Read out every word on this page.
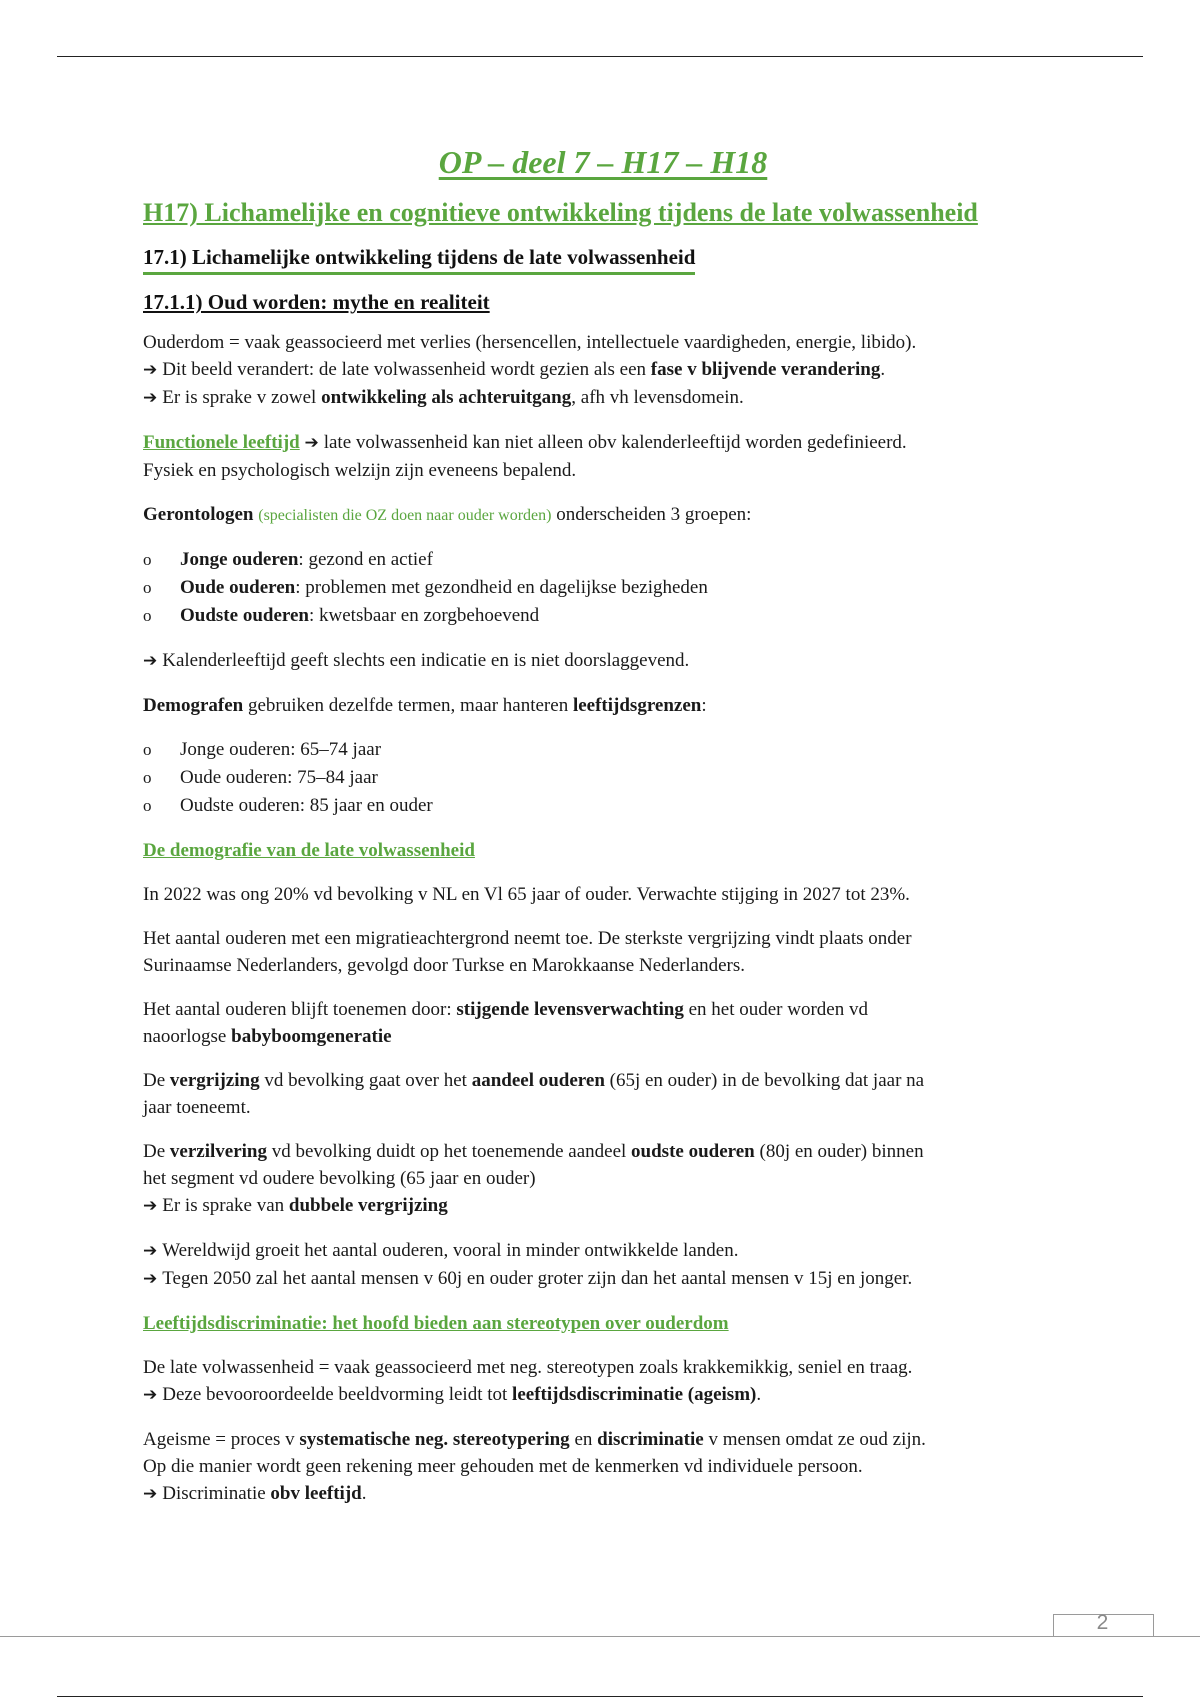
OP – deel 7 – H17 – H18
H17) Lichamelijke en cognitieve ontwikkeling tijdens de late volwassenheid
17.1) Lichamelijke ontwikkeling tijdens de late volwassenheid
17.1.1) Oud worden: mythe en realiteit
Ouderdom = vaak geassocieerd met verlies (hersencellen, intellectuele vaardigheden, energie, libido).
➔ Dit beeld verandert: de late volwassenheid wordt gezien als een fase v blijvende verandering.
➔ Er is sprake v zowel ontwikkeling als achteruitgang, afh vh levensdomein.
Functionele leeftijd ➔ late volwassenheid kan niet alleen obv kalenderleeftijd worden gedefinieerd.
Fysiek en psychologisch welzijn zijn eveneens bepalend.
Gerontologen (specialisten die OZ doen naar ouder worden) onderscheiden 3 groepen:
o Jonge ouderen: gezond en actief
o Oude ouderen: problemen met gezondheid en dagelijkse bezigheden
o Oudste ouderen: kwetsbaar en zorgbehoevend
➔ Kalenderleeftijd geeft slechts een indicatie en is niet doorslaggevend.
Demografen gebruiken dezelfde termen, maar hanteren leeftijdsgrenzen:
o Jonge ouderen: 65–74 jaar
o Oude ouderen: 75–84 jaar
o Oudste ouderen: 85 jaar en ouder
De demografie van de late volwassenheid
In 2022 was ong 20% vd bevolking v NL en Vl 65 jaar of ouder. Verwachte stijging in 2027 tot 23%.
Het aantal ouderen met een migratieachtergrond neemt toe. De sterkste vergrijzing vindt plaats onder
Surinaamse Nederlanders, gevolgd door Turkse en Marokkaanse Nederlanders.
Het aantal ouderen blijft toenemen door: stijgende levensverwachting en het ouder worden vd
naoorlogse babyboomgeneratie
De vergrijzing vd bevolking gaat over het aandeel ouderen (65j en ouder) in de bevolking dat jaar na
jaar toeneemt.
De verzilvering vd bevolking duidt op het toenemende aandeel oudste ouderen (80j en ouder) binnen
het segment vd oudere bevolking (65 jaar en ouder)
➔ Er is sprake van dubbele vergrijzing
➔ Wereldwijd groeit het aantal ouderen, vooral in minder ontwikkelde landen.
➔ Tegen 2050 zal het aantal mensen v 60j en ouder groter zijn dan het aantal mensen v 15j en jonger.
Leeftijdsdiscriminatie: het hoofd bieden aan stereotypen over ouderdom
De late volwassenheid = vaak geassocieerd met neg. stereotypen zoals krakkemikkig, seniel en traag.
➔ Deze bevooroordeelde beeldvorming leidt tot leeftijdsdiscriminatie (ageism).
Ageisme = proces v systematische neg. stereotypering en discriminatie v mensen omdat ze oud zijn.
Op die manier wordt geen rekening meer gehouden met de kenmerken vd individuele persoon.
➔ Discriminatie obv leeftijd.
2
